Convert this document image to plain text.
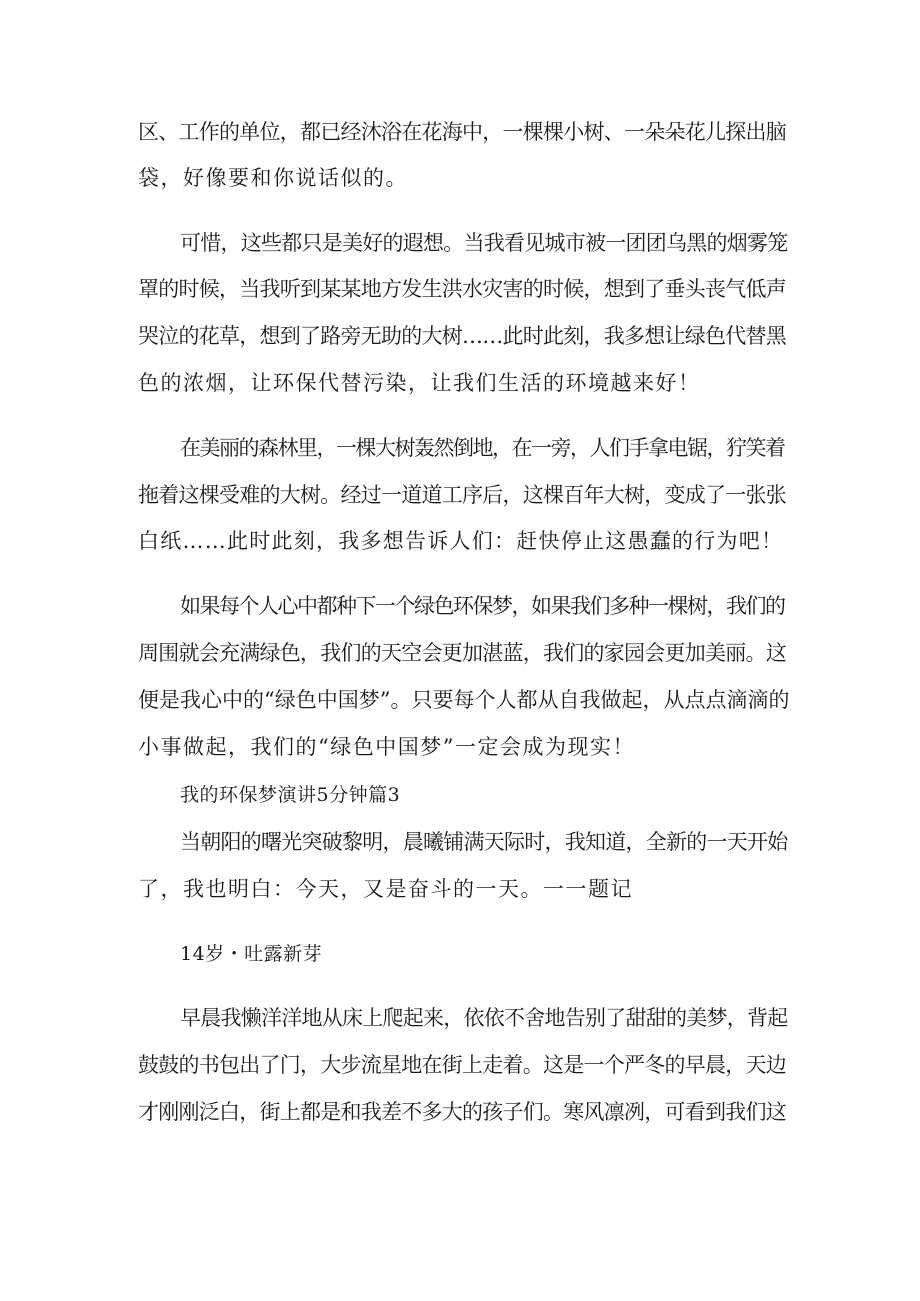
区、工作的单位，都已经沐浴在花海中，一棵棵小树、一朵朵花儿探出脑
袋，好像要和你说话似的。
可惜，这些都只是美好的遐想。当我看见城市被一团团乌黑的烟雾笼
罩的时候，当我听到某某地方发生洪水灾害的时候，想到了垂头丧气低声
哭泣的花草，想到了路旁无助的大树……此时此刻，我多想让绿色代替黑
色的浓烟，让环保代替污染，让我们生活的环境越来好！
在美丽的森林里，一棵大树轰然倒地，在一旁，人们手拿电锯，狞笑着
拖着这棵受难的大树。经过一道道工序后，这棵百年大树，变成了一张张
白纸……此时此刻，我多想告诉人们：赶快停止这愚蠢的行为吧！
如果每个人心中都种下一个绿色环保梦，如果我们多种一棵树，我们的
周围就会充满绿色，我们的天空会更加湛蓝，我们的家园会更加美丽。这
便是我心中的“绿色中国梦”。只要每个人都从自我做起，从点点滴滴的
小事做起，我们的“绿色中国梦”一定会成为现实！
我的环保梦演讲5分钟篇3
当朝阳的曙光突破黎明，晨曦铺满天际时，我知道，全新的一天开始
了，我也明白：今天，又是奋斗的一天。一一题记
14岁・吐露新芽
早晨我懒洋洋地从床上爬起来，依依不舍地告别了甜甜的美梦，背起
鼓鼓的书包出了门，大步流星地在街上走着。这是一个严冬的早晨，天边
才刚刚泛白，街上都是和我差不多大的孩子们。寒风凛冽，可看到我们这
